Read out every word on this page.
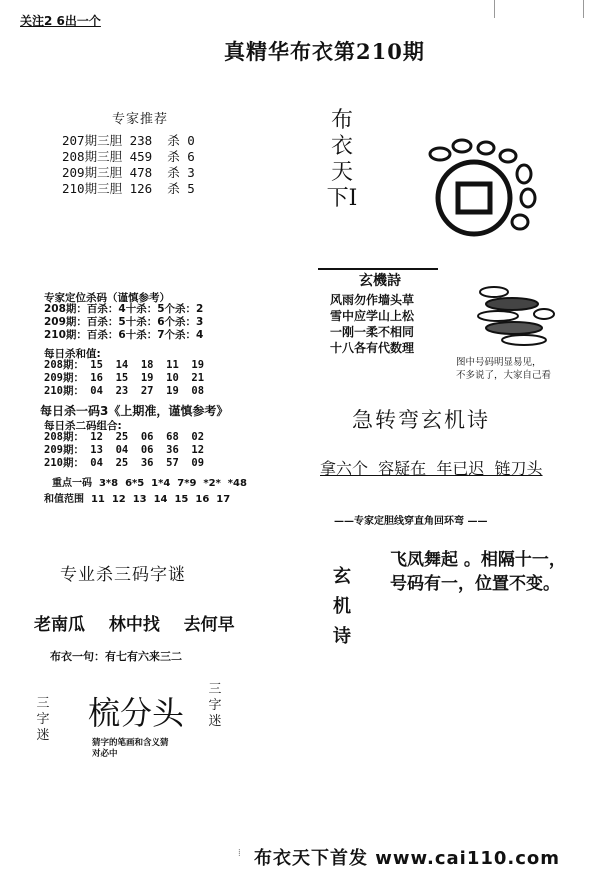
关注2 6出一个
真精华布衣第210期
专家推荐
207期三胆 238  杀 0
208期三胆 459  杀 6
209期三胆 478  杀 3
210期三胆 126  杀 5
布衣天下I
玄機詩
风雨勿作墙头草
雪中应学山上松
一刚一柔不相同
十八各有代数理
图中号码明显易见，
不多说了，大家自己看
专家定位杀码（谨慎参考）
208期：百杀：4十杀：5个杀：2
209期：百杀：5十杀：6个杀：3
210期：百杀：6十杀：7个杀：4
每日杀和值:
208期： 15  14  18  11  19
209期： 16  15  19  10  21
210期： 04  23  27  19  08
每日杀一码3《上期准，谨慎参考》
每日杀二码组合:
208期： 12  25  06  68  02
209期： 13  04  06  36  12
210期： 04  25  36  57  09
重点一码  3*8  6*5  1*4  7*9  *2*  *48
和值范围  11  12  13  14  15  16  17
急转弯玄机诗
拿六个  容疑在  年已迟  链刀头
——专家定胆线穿直角回环弯 ——
玄机诗
飞凤舞起 。相隔十一，
号码有一，位置不变。
专业杀三码字谜
老南瓜  林中找  去何早
布衣一句：有七有六来三二
三字迷
梳分头
猜字的笔画和含义猜
对必中
三字迷
⁞ 布衣天下首发 www.cai110.com
